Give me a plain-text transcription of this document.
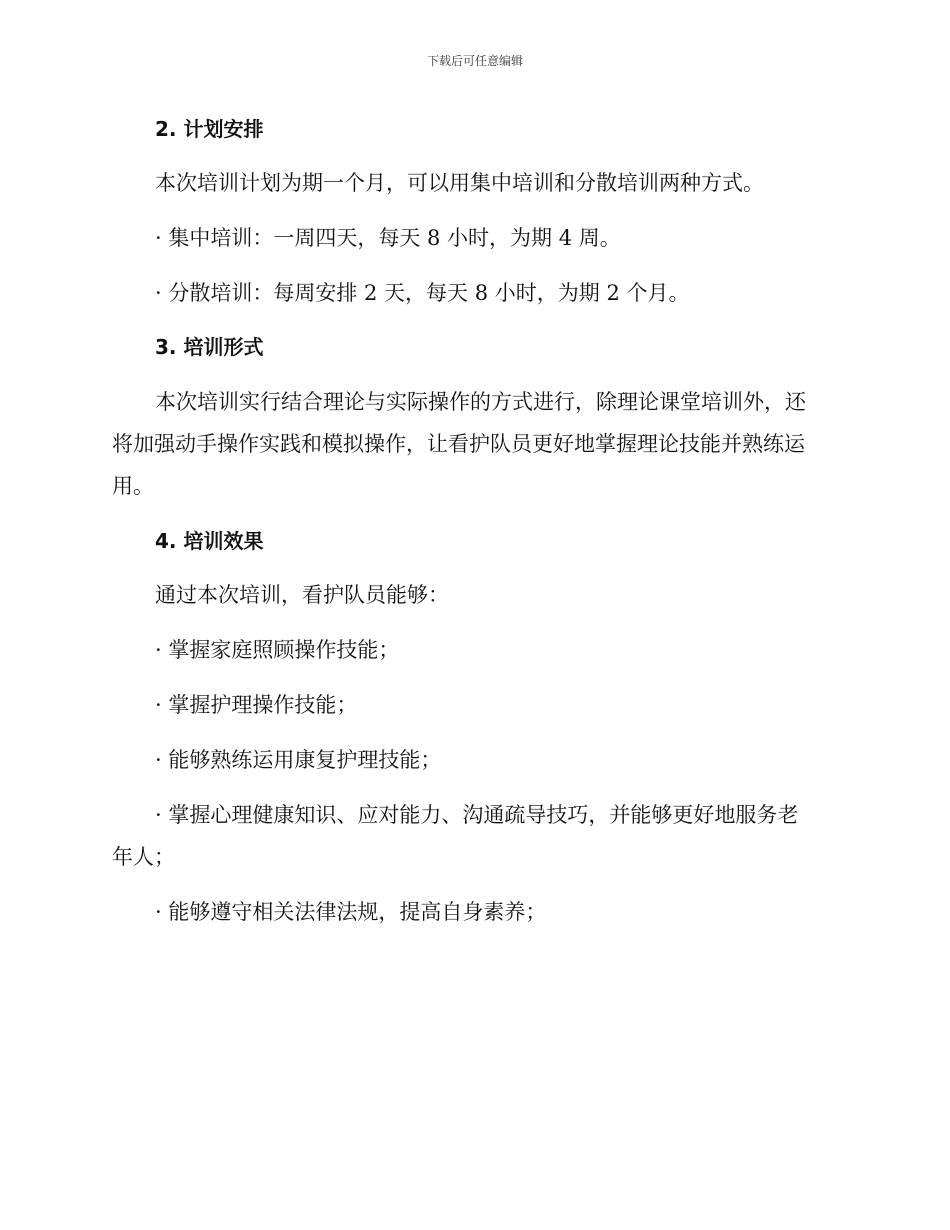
下载后可任意编辑
2. 计划安排
本次培训计划为期一个月，可以用集中培训和分散培训两种方式。
· 集中培训：一周四天，每天 8 小时，为期 4 周。
· 分散培训：每周安排 2 天，每天 8 小时，为期 2 个月。
3. 培训形式
本次培训实行结合理论与实际操作的方式进行，除理论课堂培训外，还
将加强动手操作实践和模拟操作，让看护队员更好地掌握理论技能并熟练运
用。
4. 培训效果
通过本次培训，看护队员能够：
· 掌握家庭照顾操作技能；
· 掌握护理操作技能；
· 能够熟练运用康复护理技能；
· 掌握心理健康知识、应对能力、沟通疏导技巧，并能够更好地服务老
年人；
· 能够遵守相关法律法规，提高自身素养；
